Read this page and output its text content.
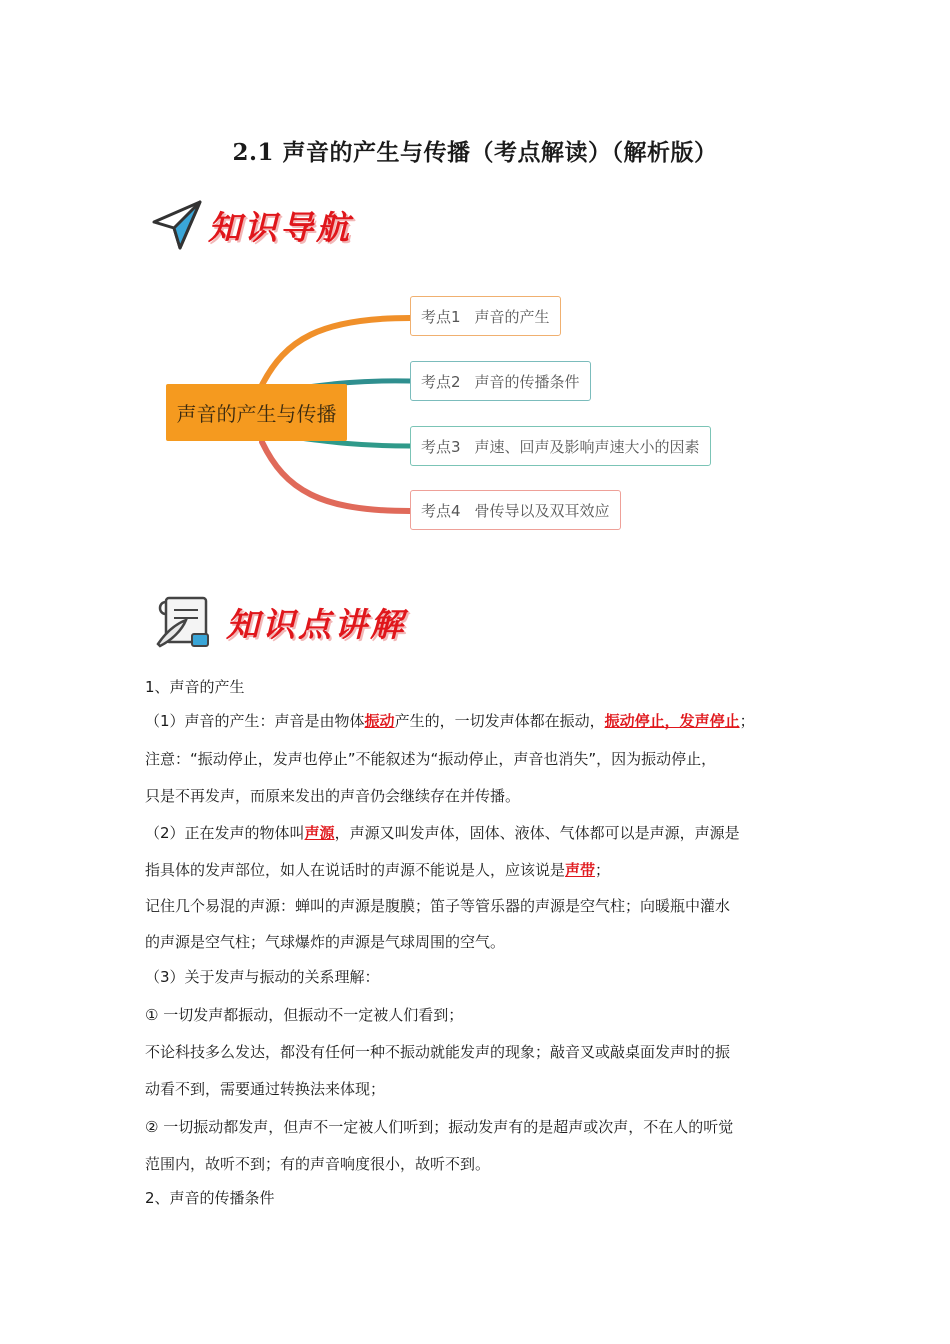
2.1 声音的产生与传播（考点解读）（解析版）
知识导航
声音的产生与传播
考点1 声音的产生
考点2 声音的传播条件
考点3 声速、回声及影响声速大小的因素
考点4 骨传导以及双耳效应
知识点讲解
1、声音的产生
（1）声音的产生：声音是由物体振动产生的，一切发声体都在振动，振动停止，发声停止；
注意：“振动停止，发声也停止”不能叙述为“振动停止，声音也消失”，因为振动停止，
只是不再发声，而原来发出的声音仍会继续存在并传播。
（2）正在发声的物体叫声源，声源又叫发声体，固体、液体、气体都可以是声源，声源是
指具体的发声部位，如人在说话时的声源不能说是人，应该说是声带；
记住几个易混的声源：蝉叫的声源是腹膜；笛子等管乐器的声源是空气柱；向暖瓶中灌水
的声源是空气柱；气球爆炸的声源是气球周围的空气。
（3）关于发声与振动的关系理解：
① 一切发声都振动，但振动不一定被人们看到；
不论科技多么发达，都没有任何一种不振动就能发声的现象；敲音叉或敲桌面发声时的振
动看不到，需要通过转换法来体现；
② 一切振动都发声，但声不一定被人们听到；振动发声有的是超声或次声，不在人的听觉
范围内，故听不到；有的声音响度很小，故听不到。
2、声音的传播条件
